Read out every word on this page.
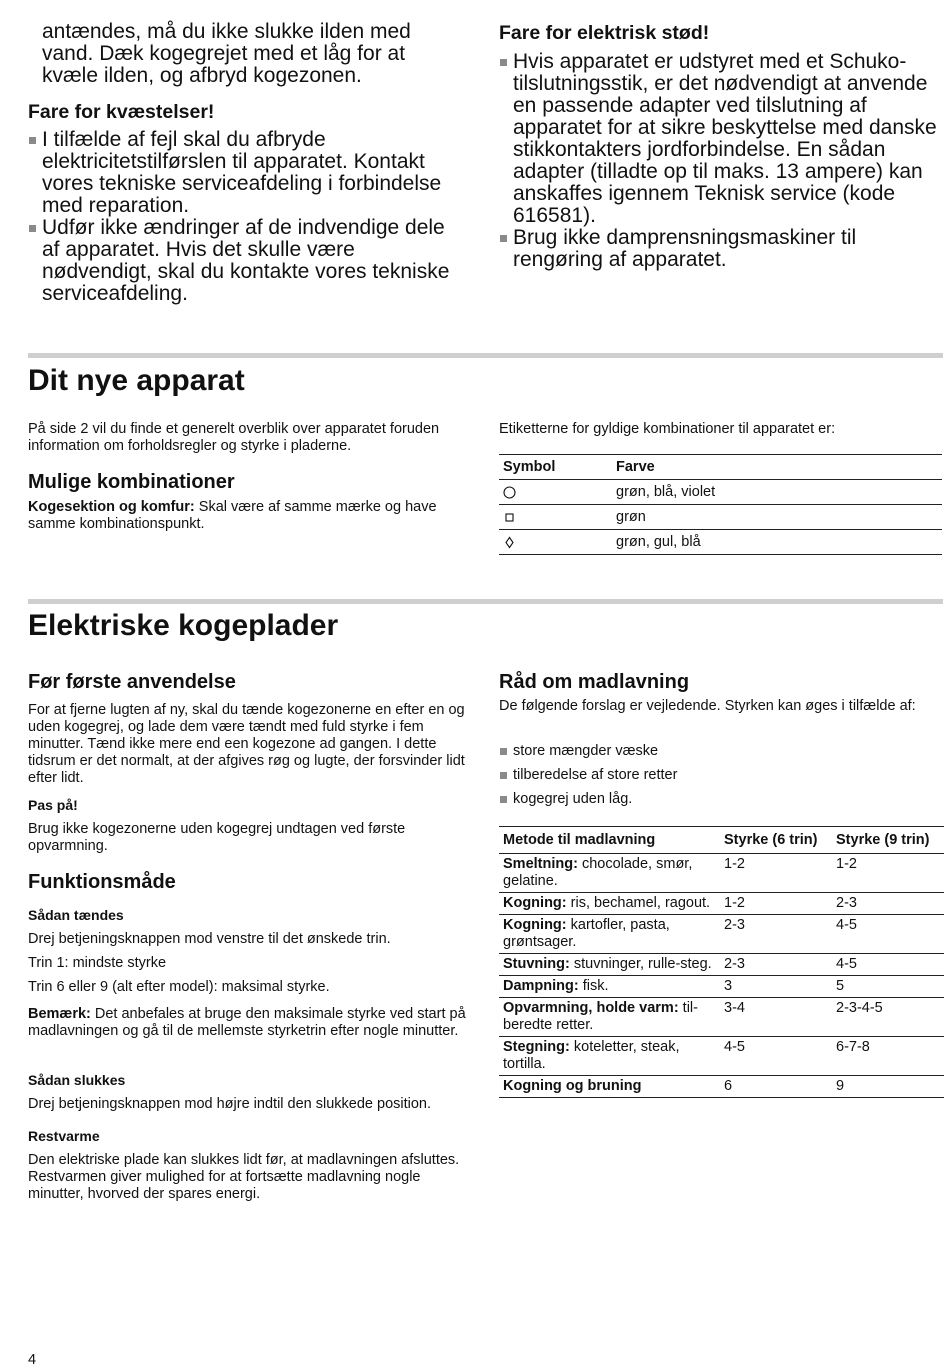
antændes, må du ikke slukke ilden med vand. Dæk kogegrejet med et låg for at kvæle ilden, og afbryd kogezonen.
Fare for kvæstelser!
I tilfælde af fejl skal du afbryde elektricitetstilførslen til apparatet. Kontakt vores tekniske serviceafdeling i forbindelse med reparation.
Udfør ikke ændringer af de indvendige dele af apparatet. Hvis det skulle være nødvendigt, skal du kontakte vores tekniske serviceafdeling.
Fare for elektrisk stød!
Hvis apparatet er udstyret med et Schuko-tilslutningsstik, er det nødvendigt at anvende en passende adapter ved tilslutning af apparatet for at sikre beskyttelse med danske stikkontakters jordforbindelse. En sådan adapter (tilladte op til maks. 13 ampere) kan anskaffes igennem Teknisk service (kode 616581).
Brug ikke damprensningsmaskiner til rengøring af apparatet.
Dit nye apparat
På side 2 vil du finde et generelt overblik over apparatet foruden information om forholdsregler og styrke i pladerne.
Mulige kombinationer
Kogesektion og komfur: Skal være af samme mærke og have samme kombinationspunkt.
Etiketterne for gyldige kombinationer til apparatet er:
Symbol	Farve
	grøn, blå, violet
	grøn
	grøn, gul, blå
Elektriske kogeplader
Før første anvendelse
For at fjerne lugten af ny, skal du tænde kogezonerne en efter en og uden kogegrej, og lade dem være tændt med fuld styrke i fem minutter. Tænd ikke mere end een kogezone ad gangen. I dette tidsrum er det normalt, at der afgives røg og lugte, der forsvinder lidt efter lidt.
Pas på!
Brug ikke kogezonerne uden kogegrej undtagen ved første opvarmning.
Funktionsmåde
Sådan tændes
Drej betjeningsknappen mod venstre til det ønskede trin.
Trin 1: mindste styrke
Trin 6 eller 9 (alt efter model): maksimal styrke.
Bemærk: Det anbefales at bruge den maksimale styrke ved start på madlavningen og gå til de mellemste styrketrin efter nogle minutter.
Sådan slukkes
Drej betjeningsknappen mod højre indtil den slukkede position.
Restvarme
Den elektriske plade kan slukkes lidt før, at madlavningen afsluttes. Restvarmen giver mulighed for at fortsætte madlavning nogle minutter, hvorved der spares energi.
Råd om madlavning
De følgende forslag er vejledende. Styrken kan øges i tilfælde af:
store mængder væske
tilberedelse af store retter
kogegrej uden låg.
Metode til madlavning	Styrke (6 trin)	Styrke (9 trin)
Smeltning: chocolade, smør, gelatine.	1-2	1-2
Kogning: ris, bechamel, ragout.	1-2	2-3
Kogning: kartofler, pasta, grøntsager.	2-3	4-5
Stuvning: stuvninger, rulle-steg.	2-3	4-5
Dampning: fisk.	3	5
Opvarmning, holde varm: til-beredte retter.	3-4	2-3-4-5
Stegning: koteletter, steak, tortilla.	4-5	6-7-8
Kogning og bruning	6	9
4
